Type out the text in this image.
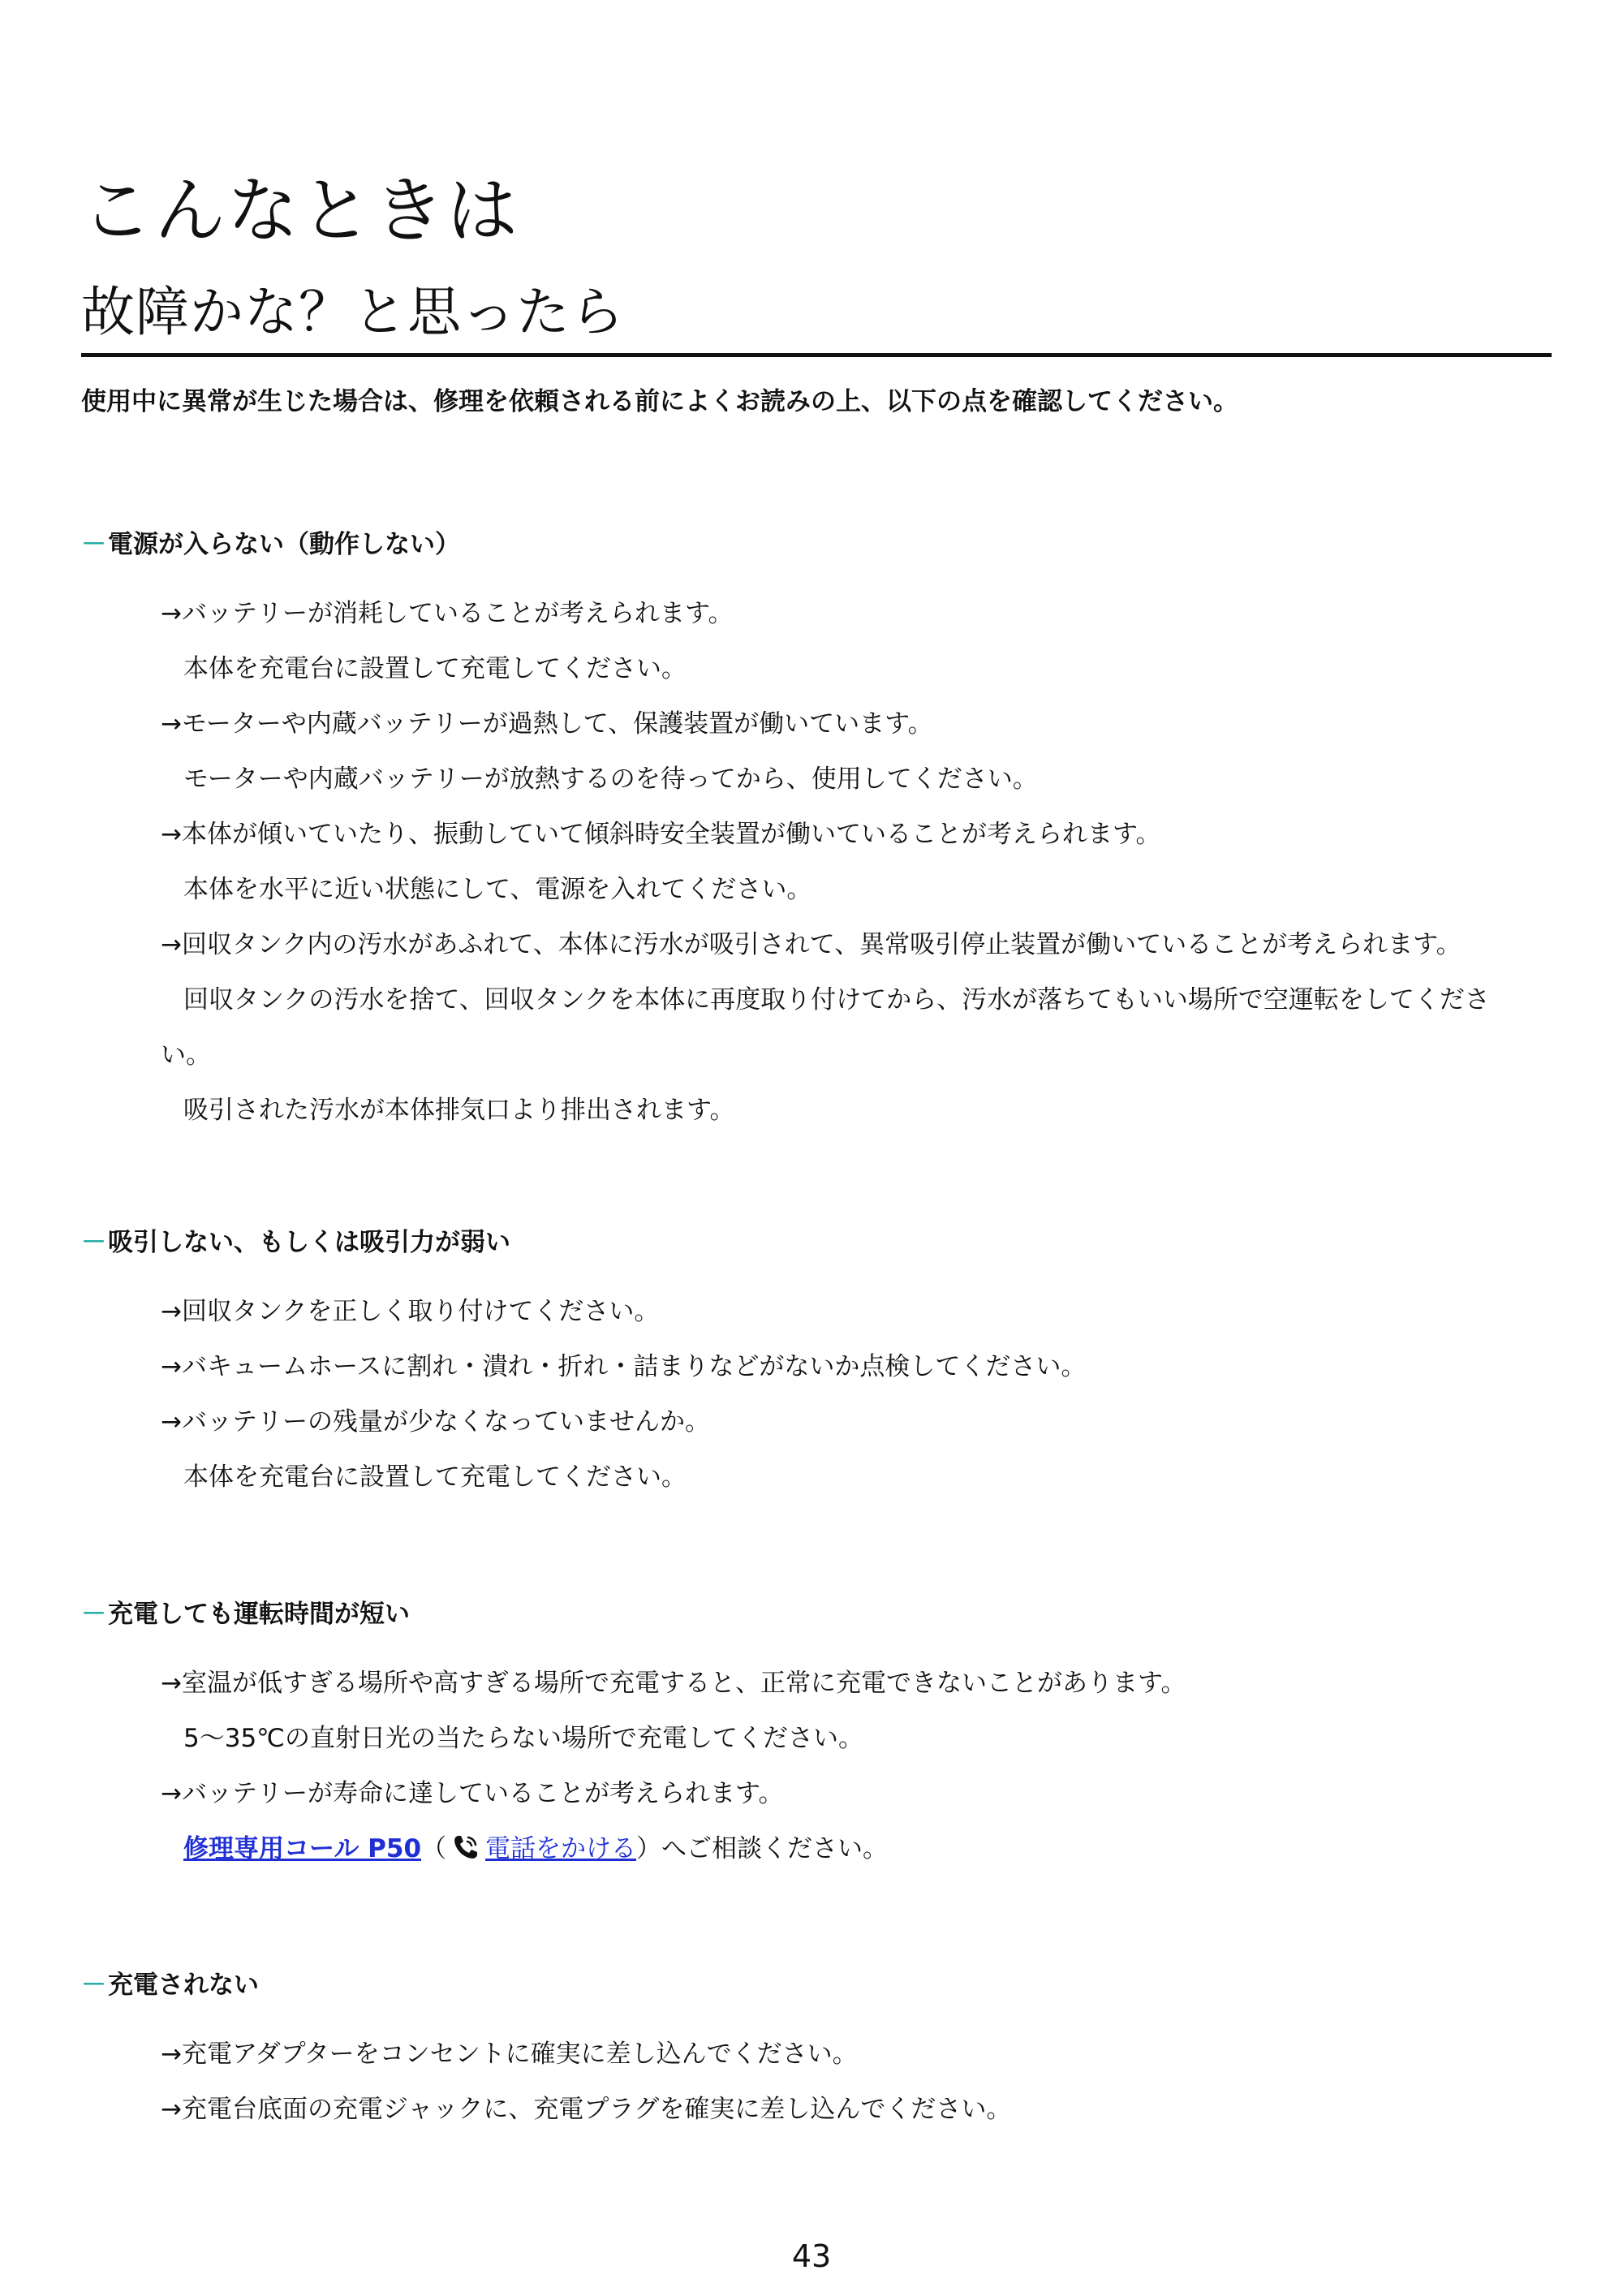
こんなときは
故障かな？と思ったら

使用中に異常が生じた場合は、修理を依頼される前によくお読みの上、以下の点を確認してください。

－ 電源が入らない（動作しない）

→バッテリーが消耗していることが考えられます。

本体を充電台に設置して充電してください。

→モーターや内蔵バッテリーが過熱して、保護装置が働いています。

モーターや内蔵バッテリーが放熱するのを待ってから、使用してください。

→本体が傾いていたり、振動していて傾斜時安全装置が働いていることが考えられます。

本体を水平に近い状態にして、電源を入れてください。

→回収タンク内の汚水があふれて、本体に汚水が吸引されて、異常吸引停止装置が働いていることが考えられます。

回収タンクの汚水を捨て、回収タンクを本体に再度取り付けてから、汚水が落ちてもいい場所で空運転をしてくださ

い。

吸引された汚水が本体排気口より排出されます。

－ 吸引しない、もしくは吸引力が弱い

→回収タンクを正しく取り付けてください。

→バキュームホースに割れ・潰れ・折れ・詰まりなどがないか点検してください。

→バッテリーの残量が少なくなっていませんか。

本体を充電台に設置して充電してください。

－ 充電しても運転時間が短い

→室温が低すぎる場所や高すぎる場所で充電すると、正常に充電できないことがあります。

5～35℃の直射日光の当たらない場所で充電してください。

→バッテリーが寿命に達していることが考えられます。

修理専用コール P50（ 電話をかける）へご相談ください。

－ 充電されない

→充電アダプターをコンセントに確実に差し込んでください。

→充電台底面の充電ジャックに、充電プラグを確実に差し込んでください。

43
